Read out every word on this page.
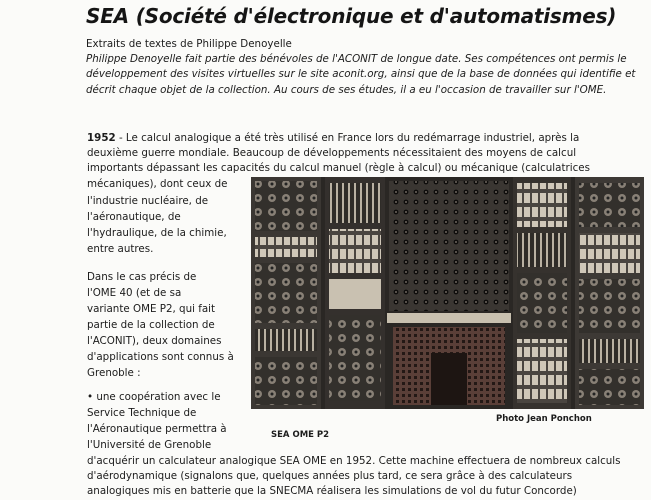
SEA (Société d'électronique et d'automatismes)
Extraits de textes de Philippe Denoyelle
Philippe Denoyelle fait partie des bénévoles de l'ACONIT de longue date. Ses compétences ont permis le développement des visites virtuelles sur le site aconit.org, ainsi que de la base de données qui identifie et décrit chaque objet de la collection. Au cours de ses études, il a eu l'occasion de travailler sur l'OME.
1952 - Le calcul analogique a été très utilisé en France lors du redémarrage industriel, après la
deuxième guerre mondiale. Beaucoup de développements nécessitaient des moyens de calcul
importants dépassant les capacités du calcul manuel (règle à calcul) ou mécanique (calculatrices
mécaniques), dont ceux de
l'industrie nucléaire, de
l'aéronautique, de
l'hydraulique, de la chimie,
entre autres.
Dans le cas précis de
l'OME 40 (et de sa
variante OME P2, qui fait
partie de la collection de
l'ACONIT), deux domaines
d'applications sont connus à
Grenoble :
• une coopération avec le
Service Technique de
l'Aéronautique permettra à
l'Université de Grenoble
d'acquérir un calculateur analogique SEA OME en 1952. Cette machine effectuera de nombreux calculs
d'aérodynamique (signalons que, quelques années plus tard, ce sera grâce à des calculateurs
analogiques mis en batterie que la SNECMA réalisera les simulations de vol du futur Concorde)
Photo Jean Ponchon
SEA OME P2
